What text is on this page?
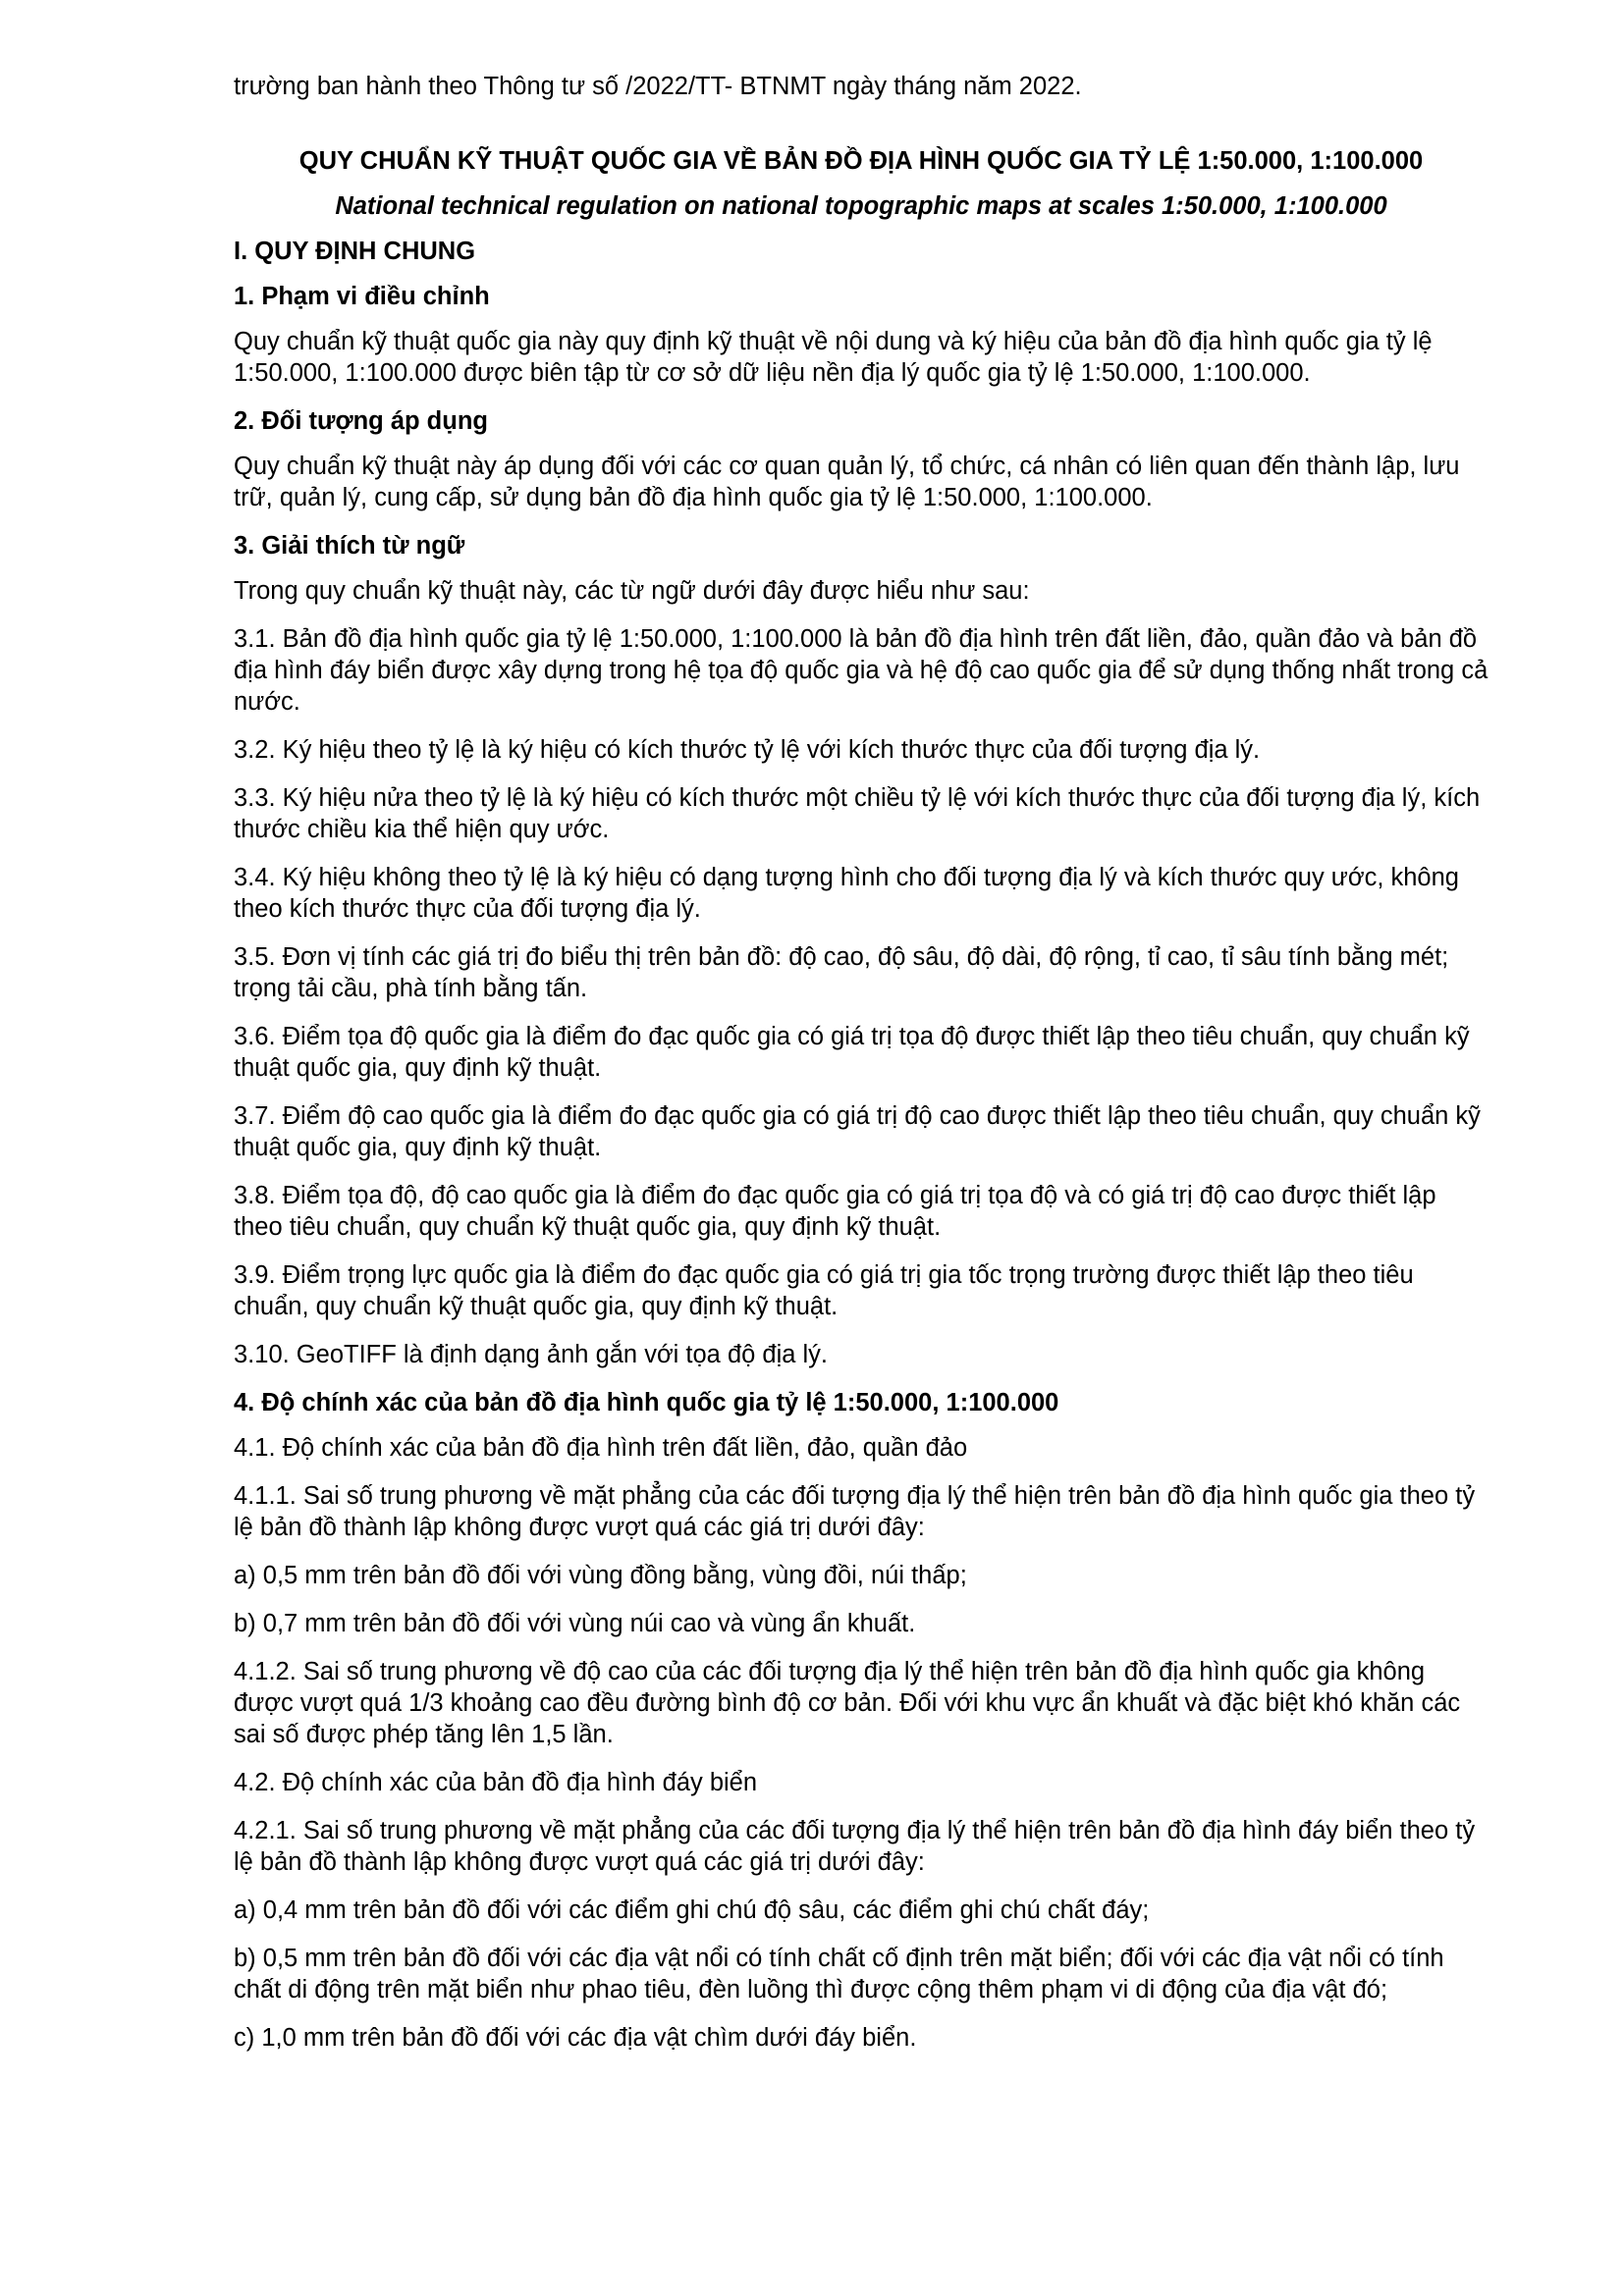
trường ban hành theo Thông tư số /2022/TT- BTNMT ngày tháng năm 2022.

QUY CHUẨN KỸ THUẬT QUỐC GIA VỀ BẢN ĐỒ ĐỊA HÌNH QUỐC GIA TỶ LỆ 1:50.000, 1:100.000

National technical regulation on national topographic maps at scales 1:50.000, 1:100.000

I. QUY ĐỊNH CHUNG

1. Phạm vi điều chỉnh

Quy chuẩn kỹ thuật quốc gia này quy định kỹ thuật về nội dung và ký hiệu của bản đồ địa hình quốc gia tỷ lệ 1:50.000, 1:100.000 được biên tập từ cơ sở dữ liệu nền địa lý quốc gia tỷ lệ 1:50.000, 1:100.000.

2. Đối tượng áp dụng

Quy chuẩn kỹ thuật này áp dụng đối với các cơ quan quản lý, tổ chức, cá nhân có liên quan đến thành lập, lưu trữ, quản lý, cung cấp, sử dụng bản đồ địa hình quốc gia tỷ lệ 1:50.000, 1:100.000.

3. Giải thích từ ngữ

Trong quy chuẩn kỹ thuật này, các từ ngữ dưới đây được hiểu như sau:

3.1. Bản đồ địa hình quốc gia tỷ lệ 1:50.000, 1:100.000 là bản đồ địa hình trên đất liền, đảo, quần đảo và bản đồ địa hình đáy biển được xây dựng trong hệ tọa độ quốc gia và hệ độ cao quốc gia để sử dụng thống nhất trong cả nước.

3.2. Ký hiệu theo tỷ lệ là ký hiệu có kích thước tỷ lệ với kích thước thực của đối tượng địa lý.

3.3. Ký hiệu nửa theo tỷ lệ là ký hiệu có kích thước một chiều tỷ lệ với kích thước thực của đối tượng địa lý, kích thước chiều kia thể hiện quy ước.

3.4. Ký hiệu không theo tỷ lệ là ký hiệu có dạng tượng hình cho đối tượng địa lý và kích thước quy ước, không theo kích thước thực của đối tượng địa lý.

3.5. Đơn vị tính các giá trị đo biểu thị trên bản đồ: độ cao, độ sâu, độ dài, độ rộng, tỉ cao, tỉ sâu tính bằng mét; trọng tải cầu, phà tính bằng tấn.

3.6. Điểm tọa độ quốc gia là điểm đo đạc quốc gia có giá trị tọa độ được thiết lập theo tiêu chuẩn, quy chuẩn kỹ thuật quốc gia, quy định kỹ thuật.

3.7. Điểm độ cao quốc gia là điểm đo đạc quốc gia có giá trị độ cao được thiết lập theo tiêu chuẩn, quy chuẩn kỹ thuật quốc gia, quy định kỹ thuật.

3.8. Điểm tọa độ, độ cao quốc gia là điểm đo đạc quốc gia có giá trị tọa độ và có giá trị độ cao được thiết lập theo tiêu chuẩn, quy chuẩn kỹ thuật quốc gia, quy định kỹ thuật.

3.9. Điểm trọng lực quốc gia là điểm đo đạc quốc gia có giá trị gia tốc trọng trường được thiết lập theo tiêu chuẩn, quy chuẩn kỹ thuật quốc gia, quy định kỹ thuật.

3.10. GeoTIFF là định dạng ảnh gắn với tọa độ địa lý.

4. Độ chính xác của bản đồ địa hình quốc gia tỷ lệ 1:50.000, 1:100.000

4.1. Độ chính xác của bản đồ địa hình trên đất liền, đảo, quần đảo

4.1.1. Sai số trung phương về mặt phẳng của các đối tượng địa lý thể hiện trên bản đồ địa hình quốc gia theo tỷ lệ bản đồ thành lập không được vượt quá các giá trị dưới đây:

a) 0,5 mm trên bản đồ đối với vùng đồng bằng, vùng đồi, núi thấp;

b) 0,7 mm trên bản đồ đối với vùng núi cao và vùng ẩn khuất.

4.1.2. Sai số trung phương về độ cao của các đối tượng địa lý thể hiện trên bản đồ địa hình quốc gia không được vượt quá 1/3 khoảng cao đều đường bình độ cơ bản. Đối với khu vực ẩn khuất và đặc biệt khó khăn các sai số được phép tăng lên 1,5 lần.

4.2. Độ chính xác của bản đồ địa hình đáy biển

4.2.1. Sai số trung phương về mặt phẳng của các đối tượng địa lý thể hiện trên bản đồ địa hình đáy biển theo tỷ lệ bản đồ thành lập không được vượt quá các giá trị dưới đây:

a) 0,4 mm trên bản đồ đối với các điểm ghi chú độ sâu, các điểm ghi chú chất đáy;

b) 0,5 mm trên bản đồ đối với các địa vật nổi có tính chất cố định trên mặt biển; đối với các địa vật nổi có tính chất di động trên mặt biển như phao tiêu, đèn luồng thì được cộng thêm phạm vi di động của địa vật đó;

c) 1,0 mm trên bản đồ đối với các địa vật chìm dưới đáy biển.
